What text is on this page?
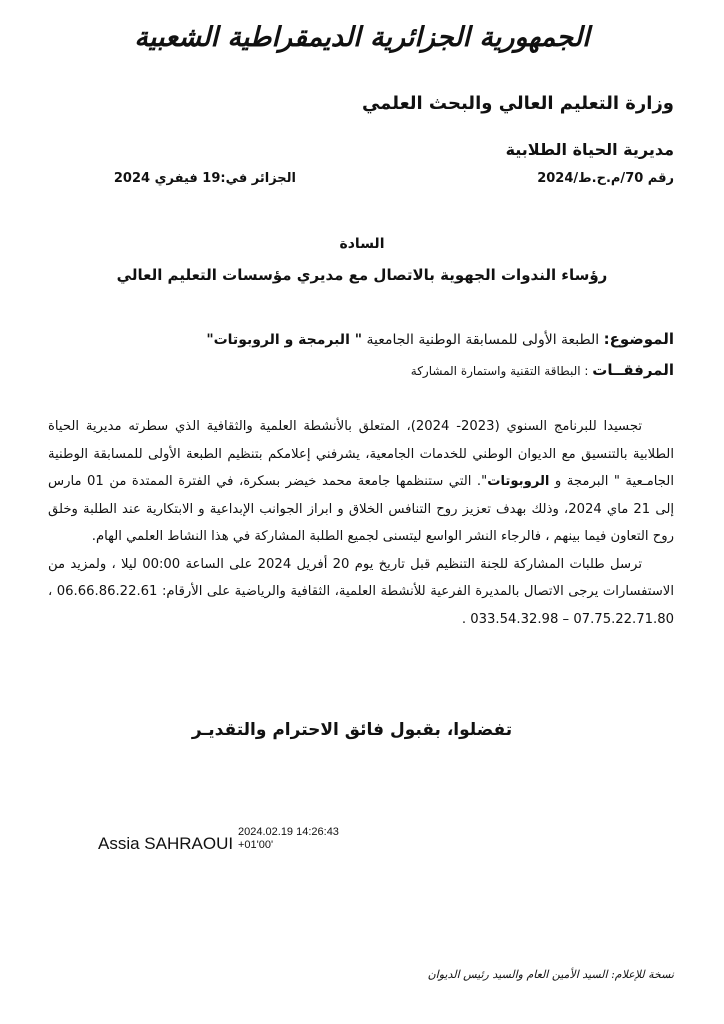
الجمهورية الجزائرية الديمقراطية الشعبية
وزارة التعليم العالي والبحث العلمي
مديرية الحياة الطلابية
رقم 70/م.ح.ط/2024
الجزائر في:19 فيفري 2024
السادة
رؤساء الندوات الجهوية بالاتصال مع مديري مؤسسات التعليم العالي
الموضوع: الطبعة الأولى للمسابقة الوطنية الجامعية " البرمجة و الروبوتات"
المرفقــات : البطاقة التقنية واستمارة المشاركة

تجسيدا للبرنامج السنوي (2023- 2024)، المتعلق بالأنشطة العلمية والثقافية الذي سطرته مديرية الحياة الطلابية بالتنسيق مع الديوان الوطني للخدمات الجامعية، يشرفني إعلامكم بتنظيم الطبعة الأولى للمسابقة الوطنية الجامـعية " البرمجة و الروبوتات". التي ستنظمها جامعة محمد خيضر بسكرة، في الفترة الممتدة من 01 مارس إلى 21 ماي 2024، وذلك بهدف تعزيز روح التنافس الخلاق و ابراز الجوانب الإبداعية و الابتكارية عند الطلبة وخلق روح التعاون فيما بينهم ، فالرجاء النشر الواسع ليتسنى لجميع الطلبة المشاركة في هذا النشاط العلمي الهام.

ترسل طلبات المشاركة للجنة التنظيم قبل تاريخ يوم 20 أفريل 2024 على الساعة 00:00 ليلا ، ولمزيد من الاستفسارات يرجى الاتصال بالمديرة الفرعية للأنشطة العلمية، الثقافية والرياضية على الأرقام: 06.66.86.22.61 ، 07.75.22.71.80 – 033.54.32.98 .

تفضلوا، بقبول فائق الاحترام والتقديـر
Assia SAHRAOUI
2024.02.19 14:26:43
+01'00'
نسخة للإعلام: السيد الأمين العام والسيد رئيس الديوان
